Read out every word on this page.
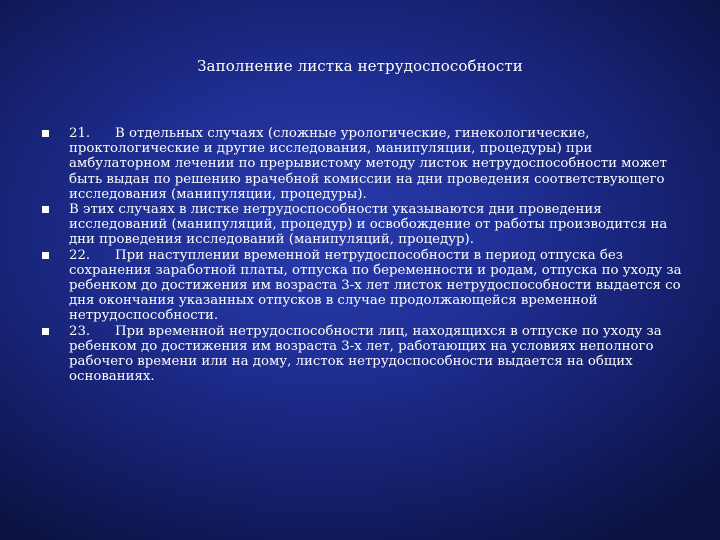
Заполнение листка нетрудоспособности
21. В отдельных случаях (сложные урологические, гинекологические, проктологические и другие исследования, манипуляции, процедуры) при амбулаторном лечении по прерывистому методу листок нетрудоспособности может быть выдан по решению врачебной комиссии на дни проведения соответствующего исследования (манипуляции, процедуры).
В этих случаях в листке нетрудоспособности указываются дни проведения исследований (манипуляций, процедур) и освобождение от работы производится на дни проведения исследований (манипуляций, процедур).
22. При наступлении временной нетрудоспособности в период отпуска без сохранения заработной платы, отпуска по беременности и родам, отпуска по уходу за ребенком до достижения им возраста 3-х лет листок нетрудоспособности выдается со дня окончания указанных отпусков в случае продолжающейся временной нетрудоспособности.
23. При временной нетрудоспособности лиц, находящихся в отпуске по уходу за ребенком до достижения им возраста 3-х лет, работающих на условиях неполного рабочего времени или на дому, листок нетрудоспособности выдается на общих основаниях.
